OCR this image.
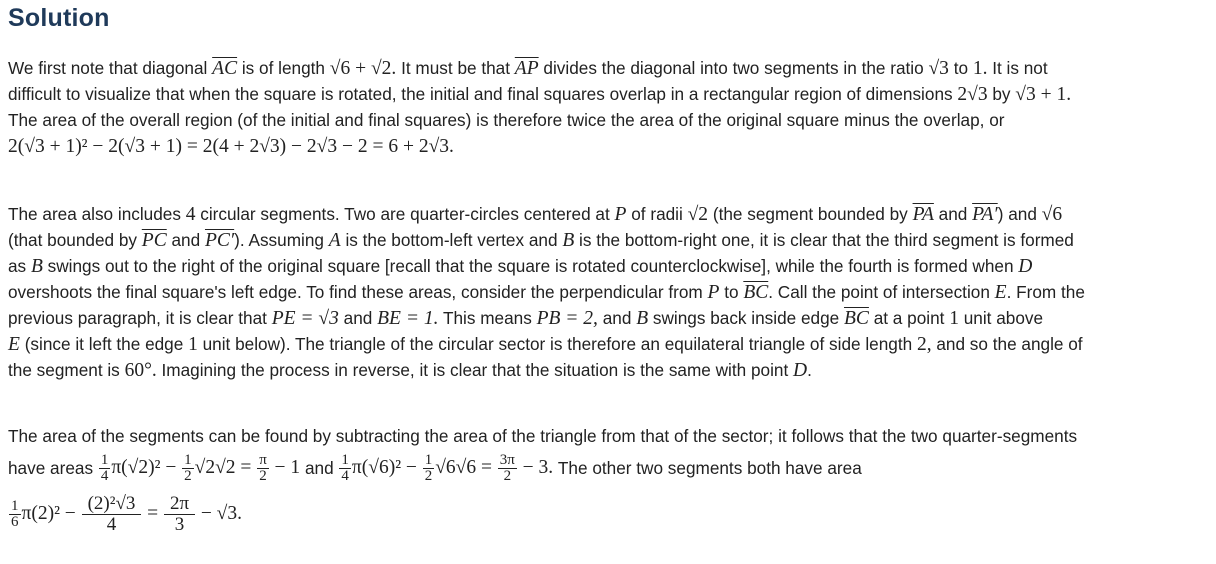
Solution
We first note that diagonal $\overline{AC}$ is of length √6 + √2. It must be that $\overline{AP}$ divides the diagonal into two segments in the ratio √3 to 1. It is not
difficult to visualize that when the square is rotated, the initial and final squares overlap in a rectangular region of dimensions 2√3 by √3 + 1.
The area of the overall region (of the initial and final squares) is therefore twice the area of the original square minus the overlap, or
2(√3 + 1)² − 2(√3 + 1) = 2(4 + 2√3) − 2√3 − 2 = 6 + 2√3.
The area also includes 4 circular segments. Two are quarter-circles centered at P of radii √2 (the segment bounded by $\overline{PA}$ and PA′) and √6
(that bounded by $\overline{PC}$ and PC′). Assuming A is the bottom-left vertex and B is the bottom-right one, it is clear that the third segment is formed
as B swings out to the right of the original square [recall that the square is rotated counterclockwise], while the fourth is formed when D
overshoots the final square's left edge. To find these areas, consider the perpendicular from P to $\overline{BC}$. Call the point of intersection E. From the
previous paragraph, it is clear that PE = √3 and BE = 1. This means PB = 2, and B swings back inside edge $\overline{BC}$ at a point 1 unit above
E (since it left the edge 1 unit below). The triangle of the circular sector is therefore an equilateral triangle of side length 2, and so the angle of
the segment is 60°. Imagining the process in reverse, it is clear that the situation is the same with point D.
The area of the segments can be found by subtracting the area of the triangle from that of the sector; it follows that the two quarter-segments
have areas
$\frac{1}{4} \pi(√2)^2$ −
$\frac{1}{2} √2√2$ =
$\frac{\pi}{2}$
− 1
and
$\frac{1}{4} \pi(√6)^2$ −
$\frac{1}{2} √6√6$ =
$\frac{3\pi}{2}$
− 3.
The other two segments both have area
$\frac{1}{6} \pi(2)^2$ −
$\frac{\text{(2)²√3}}{4}$
=
$\frac{2\pi}{3}$
− √3.
